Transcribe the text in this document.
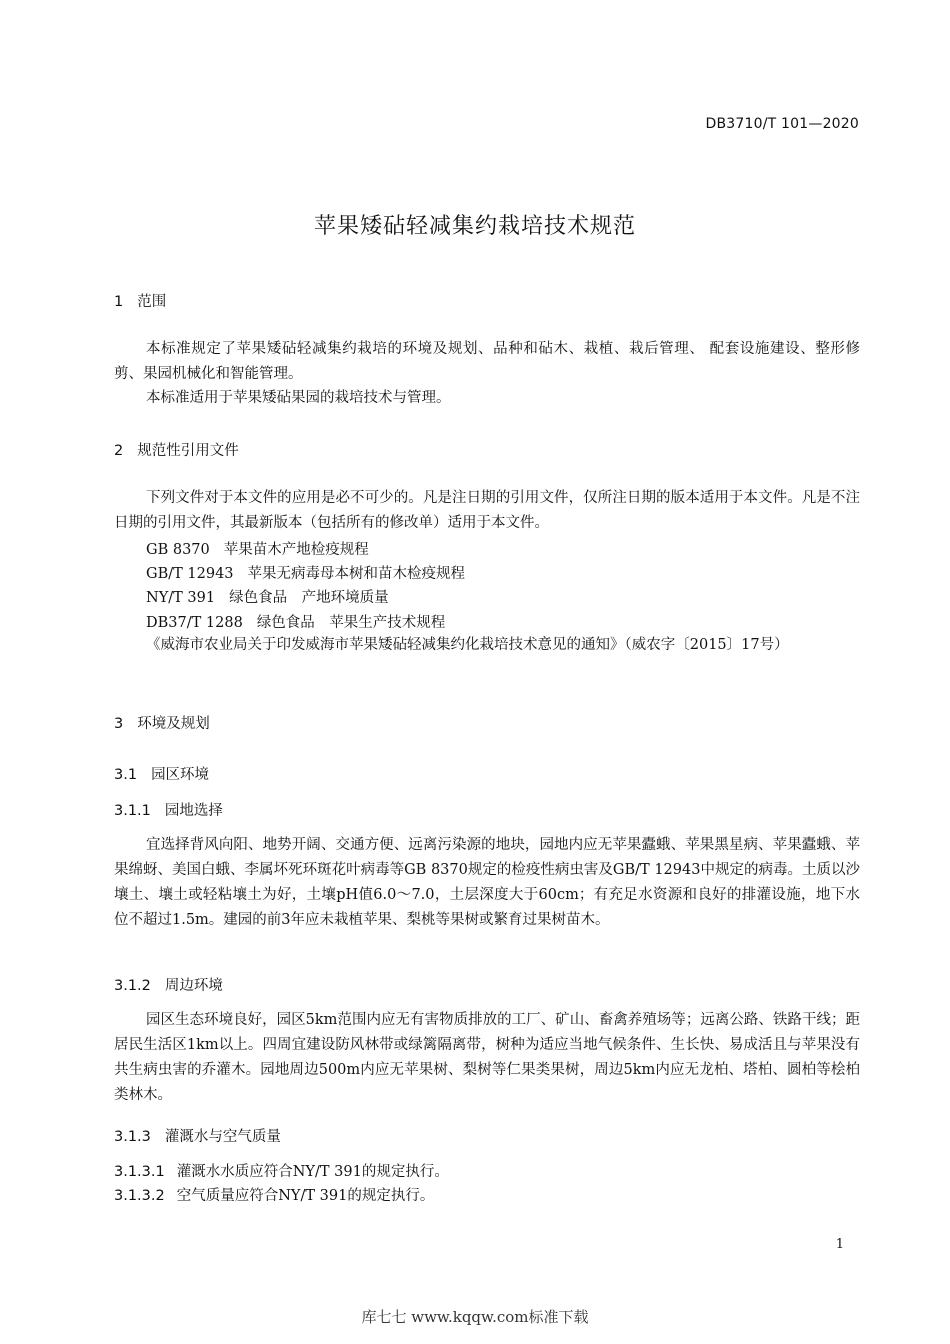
DB3710/T 101—2020
苹果矮砧轻减集约栽培技术规范
1 范围

本标准规定了苹果矮砧轻减集约栽培的环境及规划、品种和砧木、栽植、栽后管理、 配套设施建设、整形修剪、果园机械化和智能管理。

本标准适用于苹果矮砧果园的栽培技术与管理。

2 规范性引用文件

下列文件对于本文件的应用是必不可少的。凡是注日期的引用文件，仅所注日期的版本适用于本文件。凡是不注日期的引用文件，其最新版本（包括所有的修改单）适用于本文件。

GB 8370 苹果苗木产地检疫规程
GB/T 12943 苹果无病毒母本树和苗木检疫规程
NY/T 391 绿色食品　产地环境质量
DB37/T 1288 绿色食品　苹果生产技术规程

《威海市农业局关于印发威海市苹果矮砧轻减集约化栽培技术意见的通知》（威农字〔2015〕17号）

3 环境及规划
3.1 园区环境
3.1.1 园地选择

宜选择背风向阳、地势开阔、交通方便、远离污染源的地块，园地内应无苹果蠹蛾、苹果黑星病、苹果蠹蛾、苹果绵蚜、美国白蛾、李属坏死环斑花叶病毒等GB 8370规定的检疫性病虫害及GB/T 12943中规定的病毒。土质以沙壤土、壤土或轻粘壤土为好，土壤pH值6.0～7.0，土层深度大于60cm；有充足水资源和良好的排灌设施，地下水位不超过1.5m。建园的前3年应未栽植苹果、梨桃等果树或繁育过果树苗木。

3.1.2 周边环境

园区生态环境良好，园区5km范围内应无有害物质排放的工厂、矿山、畜禽养殖场等；远离公路、铁路干线；距居民生活区1km以上。四周宜建设防风林带或绿篱隔离带，树种为适应当地气候条件、生长快、易成活且与苹果没有共生病虫害的乔灌木。园地周边500m内应无苹果树、梨树等仁果类果树，周边5km内应无龙柏、塔柏、圆柏等桧柏类林木。

3.1.3 灌溉水与空气质量
3.1.3.1 灌溉水水质应符合NY/T 391的规定执行。
3.1.3.2 空气质量应符合NY/T 391的规定执行。
1
库七七 www.kqqw.com标准下载
